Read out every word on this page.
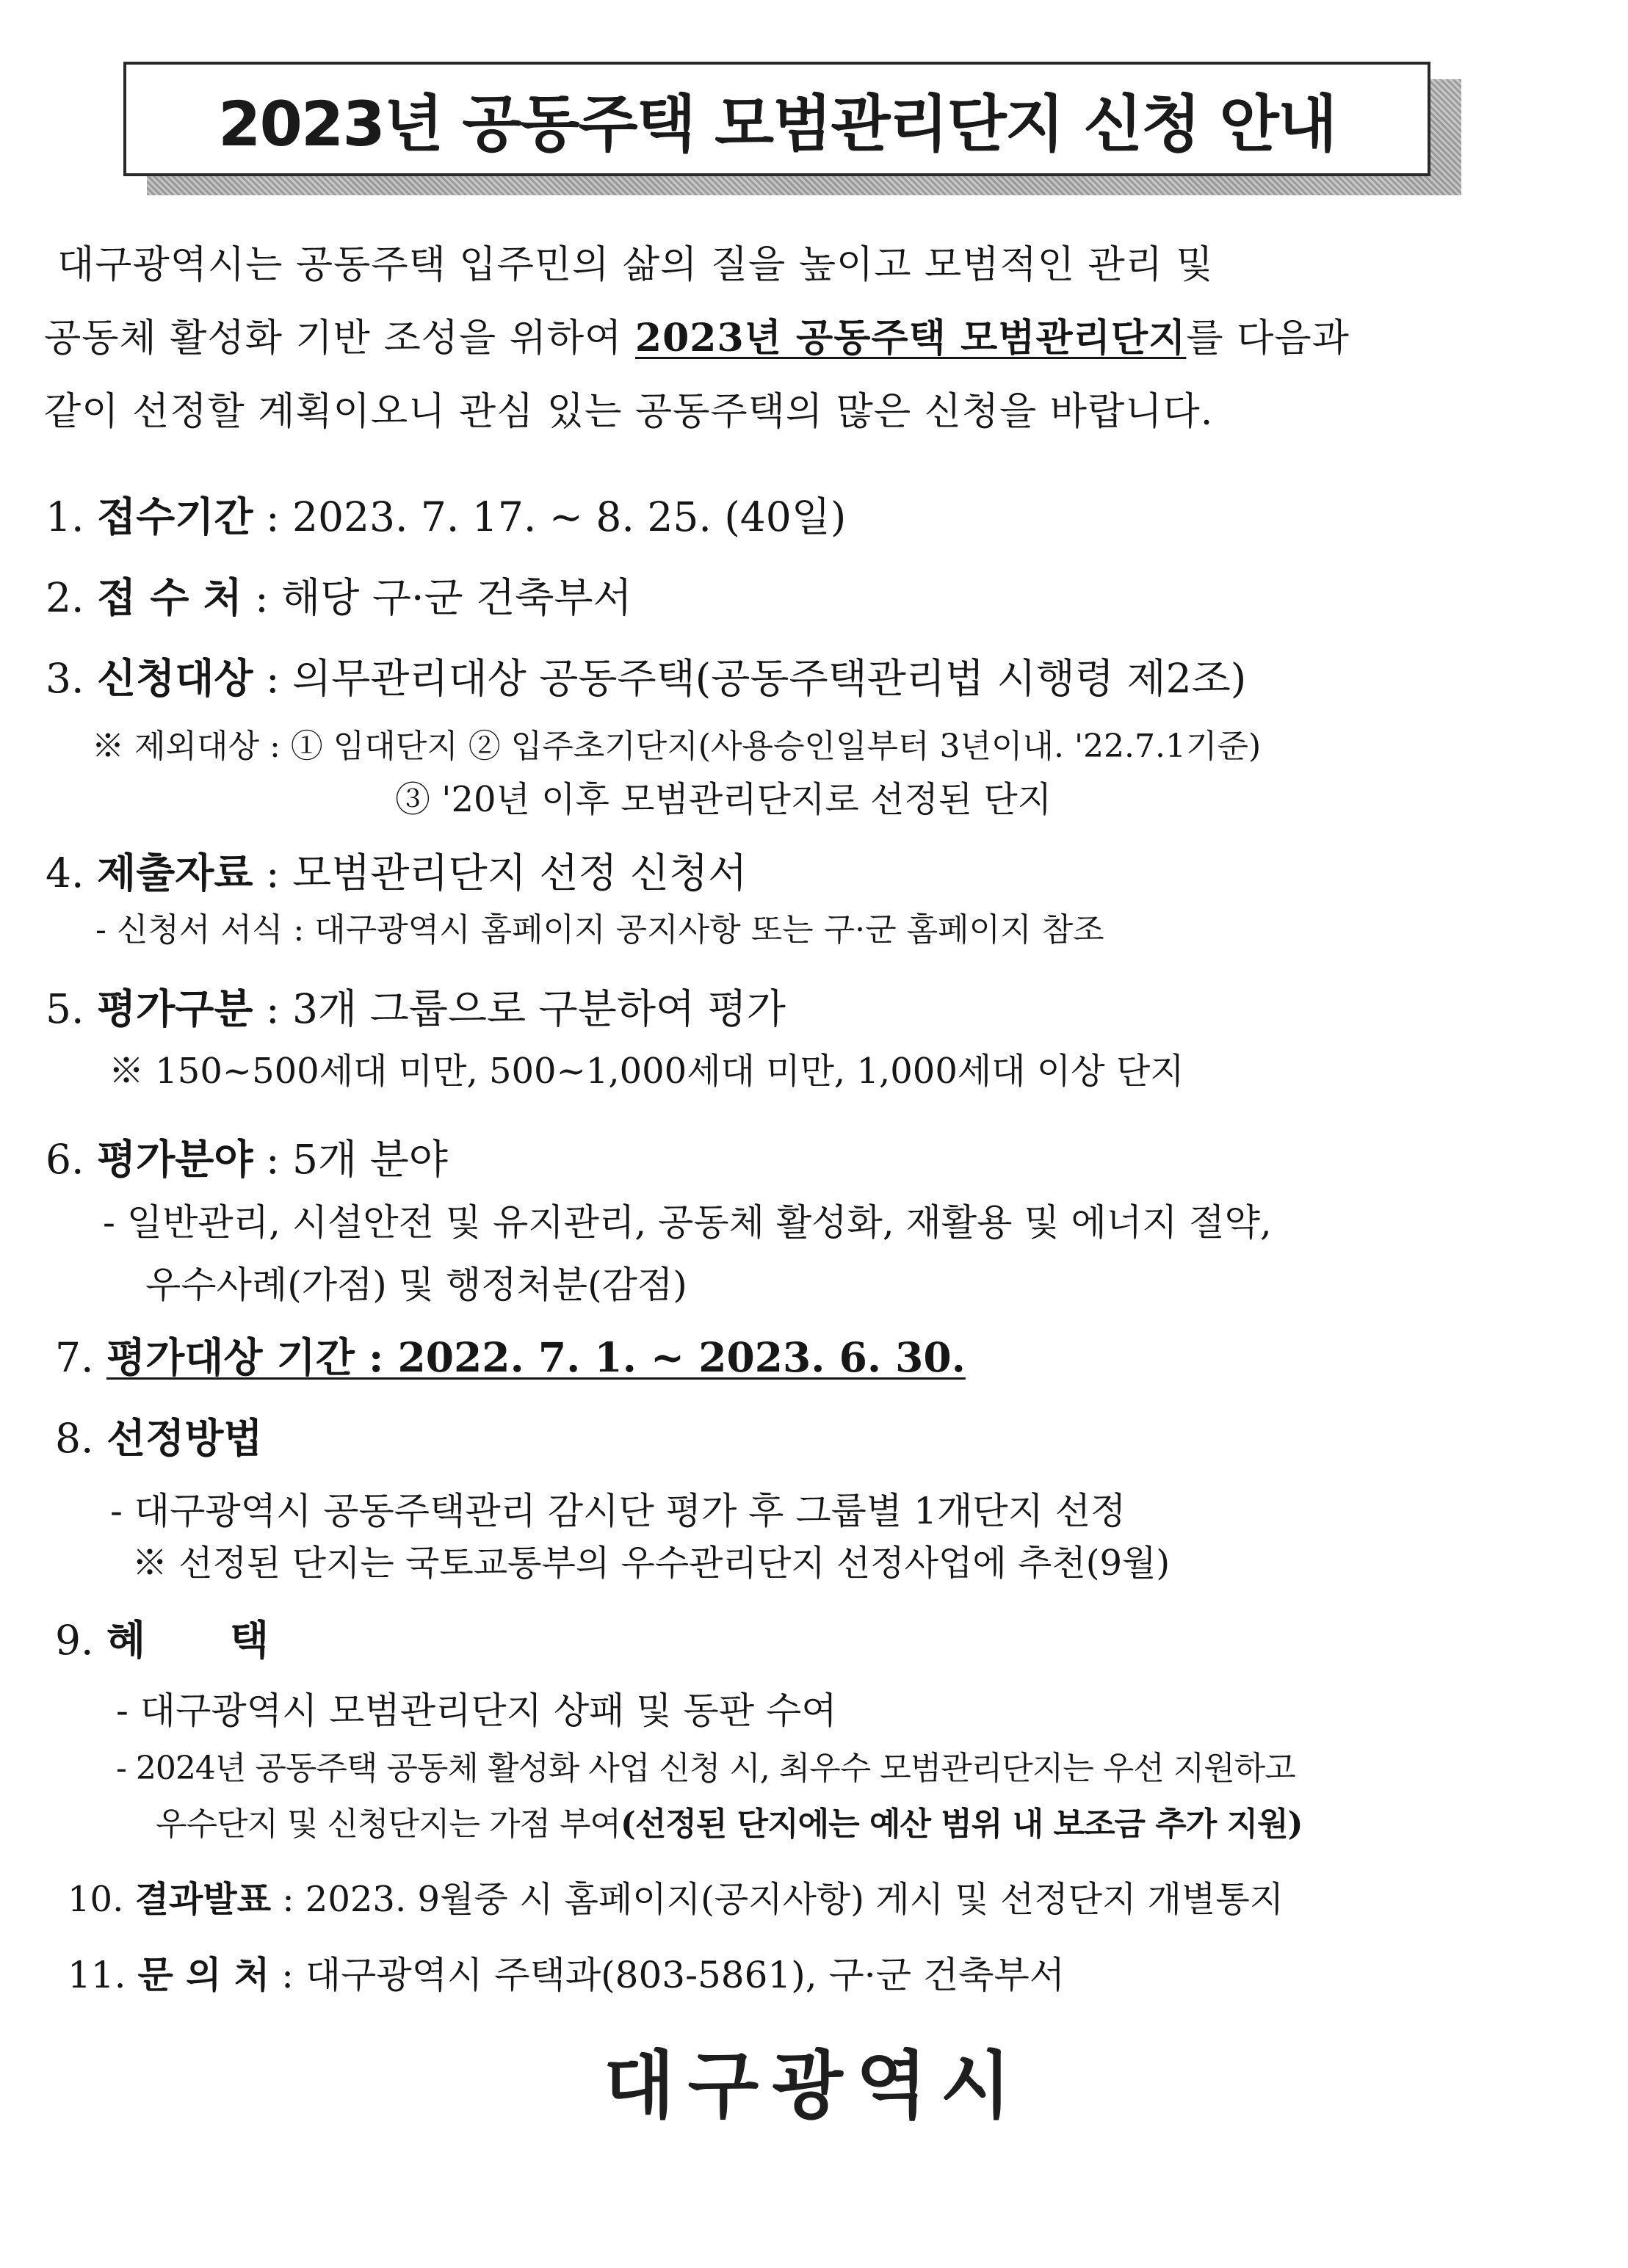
2023년 공동주택 모범관리단지 신청 안내
대구광역시는 공동주택 입주민의 삶의 질을 높이고 모범적인 관리 및
공동체 활성화 기반 조성을 위하여 2023년 공동주택 모범관리단지를 다음과
같이 선정할 계획이오니 관심 있는 공동주택의 많은 신청을 바랍니다.
1. 접수기간 : 2023. 7. 17. ~ 8. 25. (40일)
2. 접 수 처 : 해당 구·군 건축부서
3. 신청대상 : 의무관리대상 공동주택(공동주택관리법 시행령 제2조)
※ 제외대상 : ① 임대단지 ② 입주초기단지(사용승인일부터 3년이내. '22.7.1기준)
③ '20년 이후 모범관리단지로 선정된 단지
4. 제출자료 : 모범관리단지 선정 신청서
- 신청서 서식 : 대구광역시 홈페이지 공지사항 또는 구·군 홈페이지 참조
5. 평가구분 : 3개 그룹으로 구분하여 평가
※ 150~500세대 미만, 500~1,000세대 미만, 1,000세대 이상 단지
6. 평가분야 : 5개 분야
- 일반관리, 시설안전 및 유지관리, 공동체 활성화, 재활용 및 에너지 절약,
우수사례(가점) 및 행정처분(감점)
7. 평가대상 기간 : 2022. 7. 1. ~ 2023. 6. 30.
8. 선정방법
- 대구광역시 공동주택관리 감시단 평가 후 그룹별 1개단지 선정
※ 선정된 단지는 국토교통부의 우수관리단지 선정사업에 추천(9월)
9. 혜      택
- 대구광역시 모범관리단지 상패 및 동판 수여
- 2024년 공동주택 공동체 활성화 사업 신청 시, 최우수 모범관리단지는 우선 지원하고
우수단지 및 신청단지는 가점 부여(선정된 단지에는 예산 범위 내 보조금 추가 지원)
10. 결과발표 : 2023. 9월중 시 홈페이지(공지사항) 게시 및 선정단지 개별통지
11. 문 의 처 : 대구광역시 주택과(803-5861), 구·군 건축부서
대구광역시
